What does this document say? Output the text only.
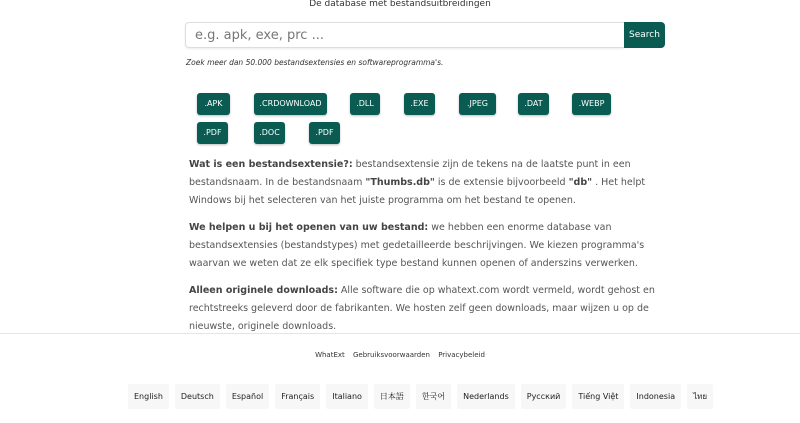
De database met bestandsuitbreidingen
e.g. apk, exe, prc ...
Search
Zoek meer dan 50.000 bestandsextensies en softwareprogramma's.
.APK	.CRDOWNLOAD	.DLL	.EXE	.JPEG	.DAT	.WEBP
.PDF	.DOC	.PDF

Wat is een bestandsextensie?: bestandsextensie zijn de tekens na de laatste punt in een bestandsnaam. In de bestandsnaam "Thumbs.db" is de extensie bijvoorbeeld "db" . Het helpt Windows bij het selecteren van het juiste programma om het bestand te openen.

We helpen u bij het openen van uw bestand: we hebben een enorme database van bestandsextensies (bestandstypes) met gedetailleerde beschrijvingen. We kiezen programma's waarvan we weten dat ze elk specifiek type bestand kunnen openen of anderszins verwerken.

Alleen originele downloads: Alle software die op whatext.com wordt vermeld, wordt gehost en rechtstreeks geleverd door de fabrikanten. We hosten zelf geen downloads, maar wijzen u op de nieuwste, originele downloads.

WhatExt Gebruiksvoorwaarden Privacybeleid
English	Deutsch	Español	Français	Italiano	日本語	한국어	Nederlands	Русский	Tiếng Việt	Indonesia	ไทย
